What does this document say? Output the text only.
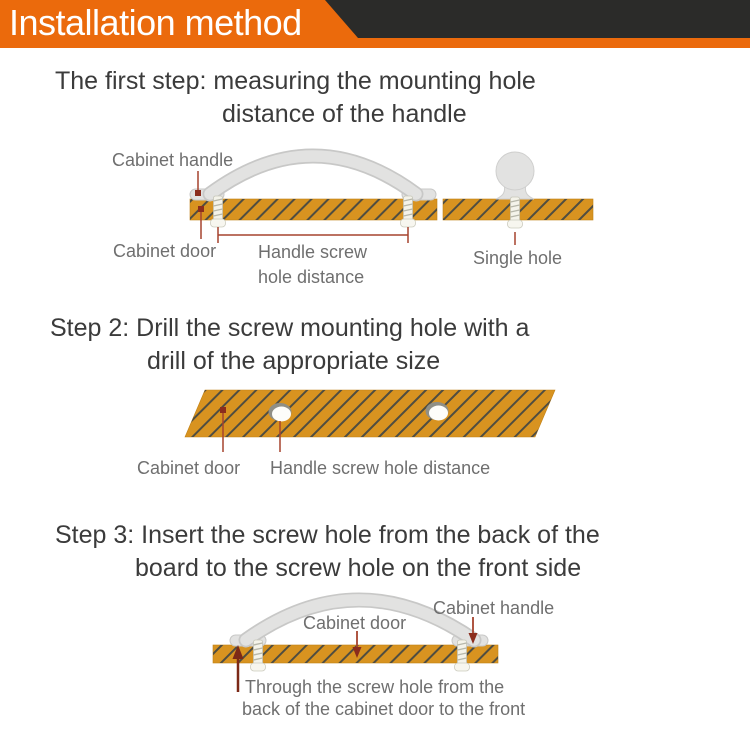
Installation method
The first step: measuring the mounting hole
distance of the handle
Cabinet handle
Cabinet door Handle screw hole distance
Single hole
Step 2: Drill the screw mounting hole with a
drill of the appropriate size
Cabinet door Handle screw hole distance
Step 3: Insert the screw hole from the back of the
board to the screw hole on the front side
Cabinet door
Cabinet handle
Through the screw hole from the
back of the cabinet door to the front
